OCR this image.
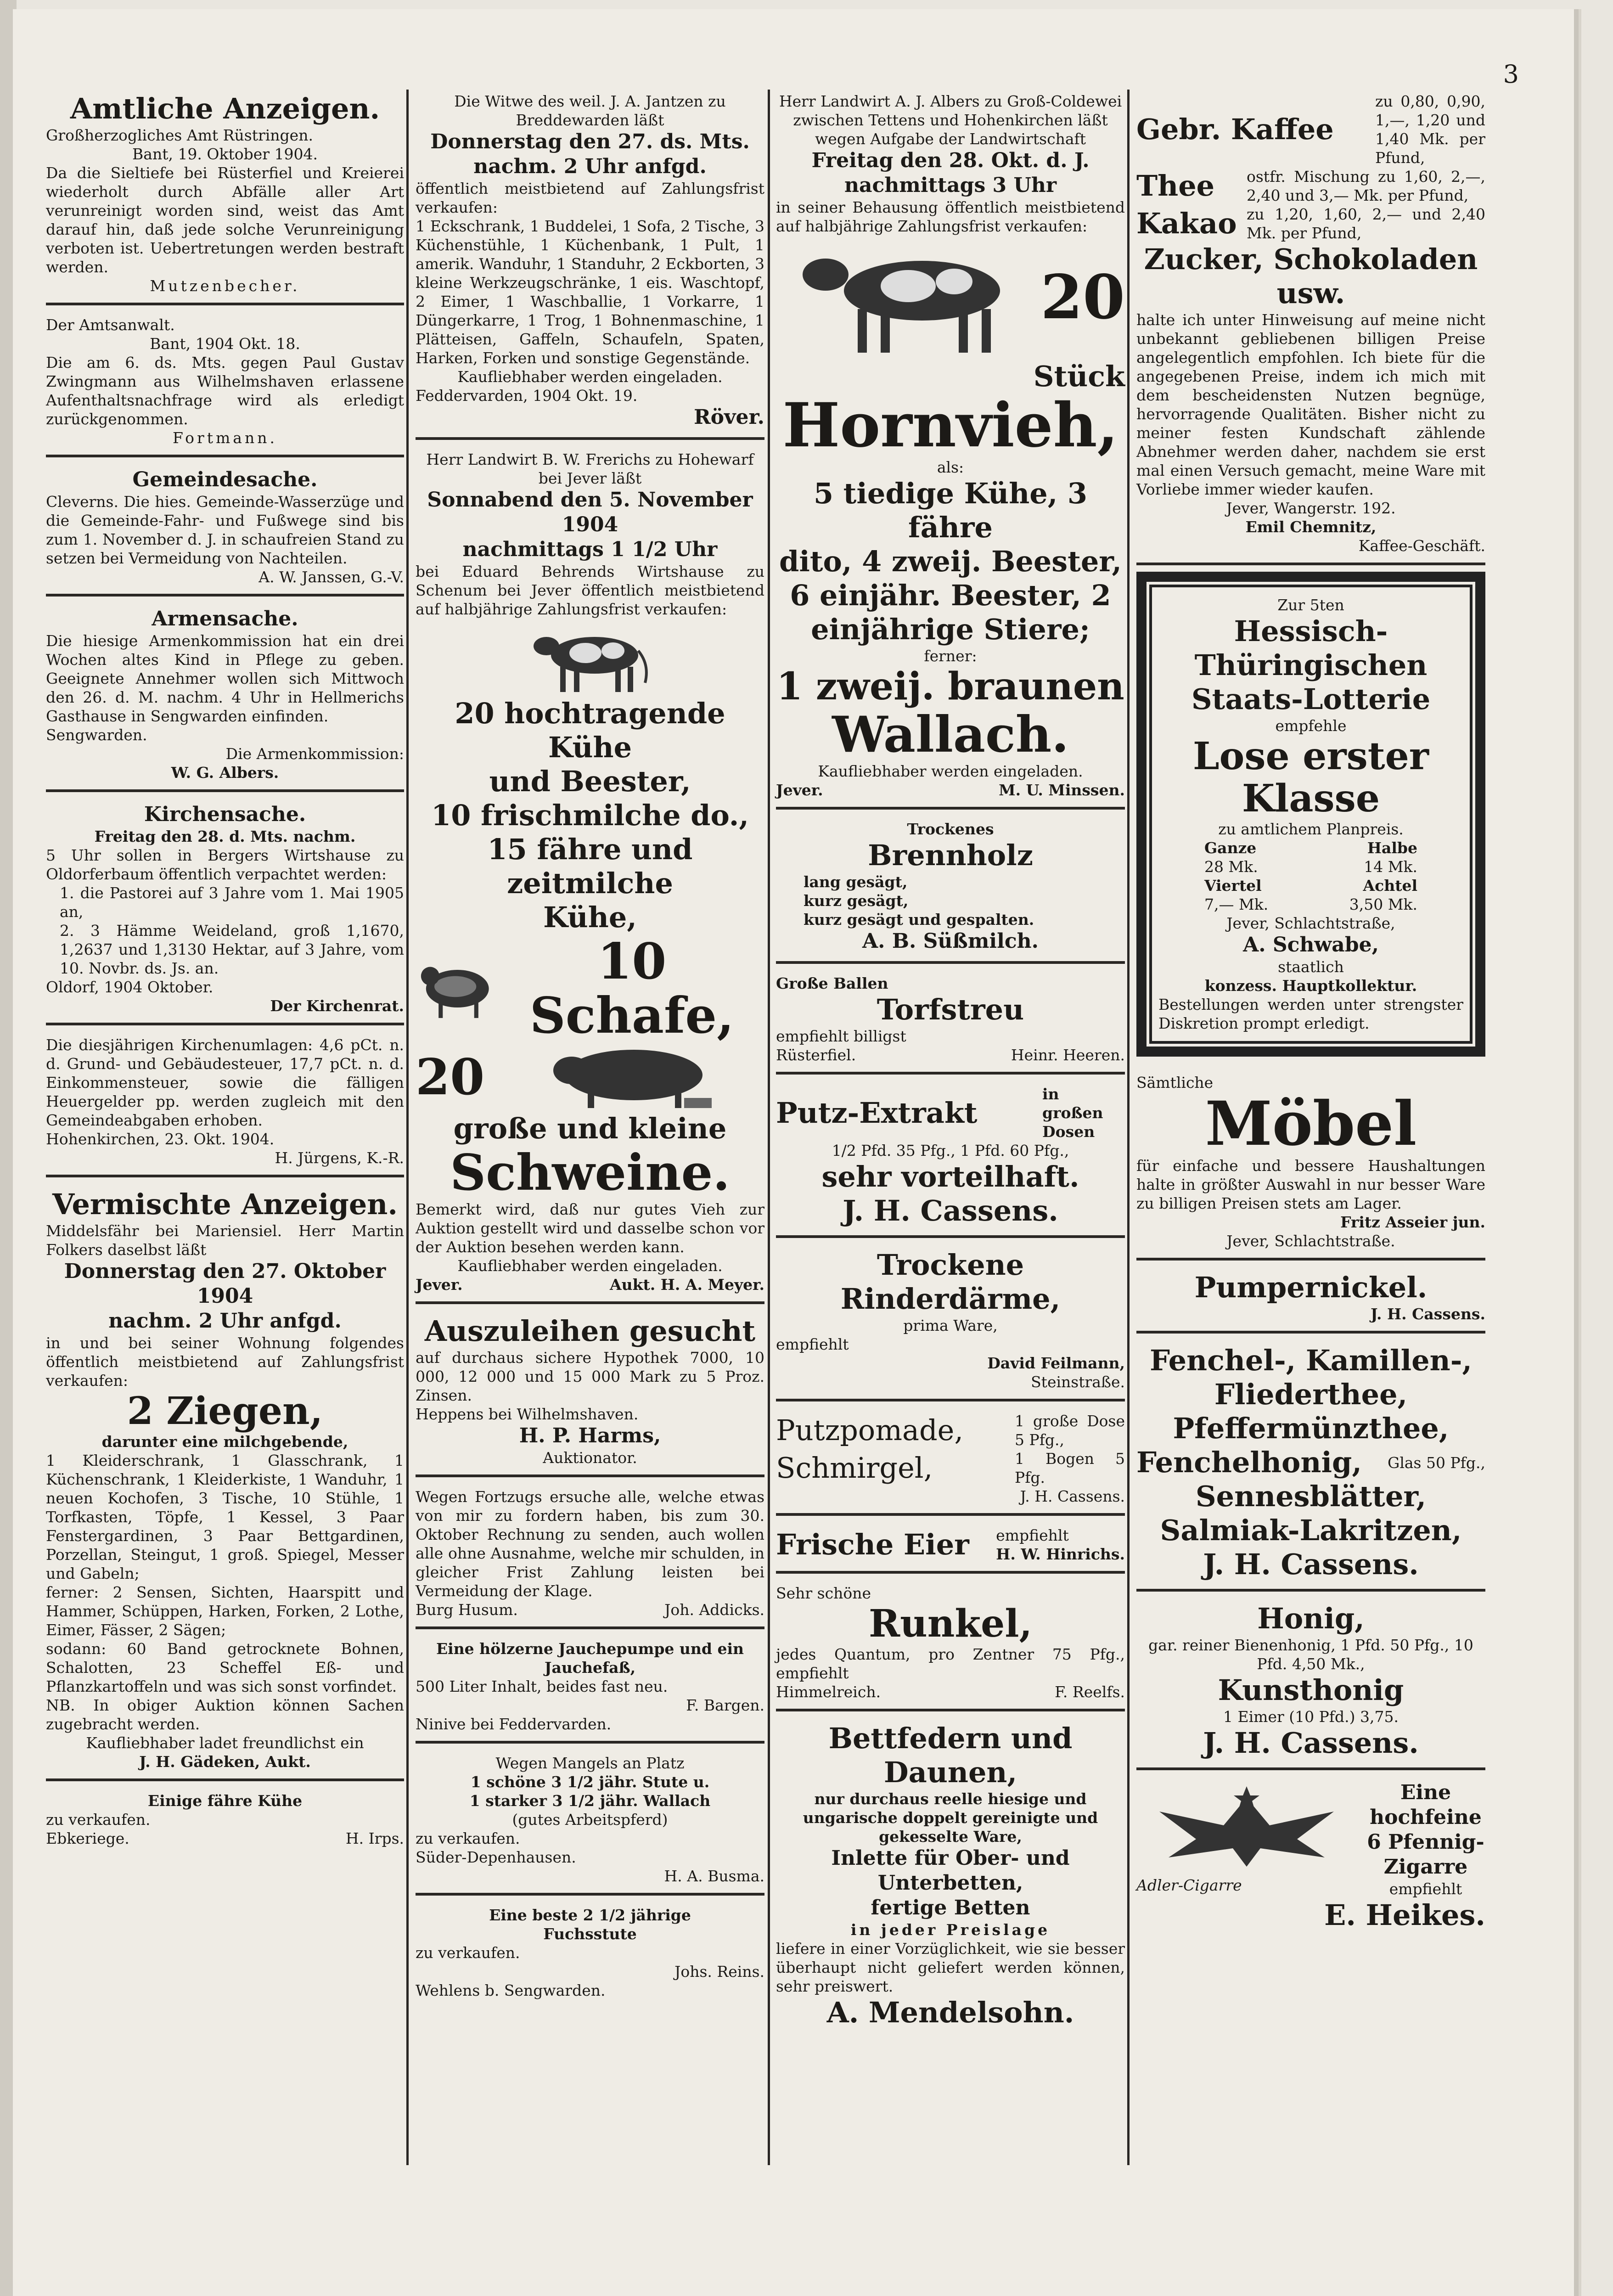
3
Amtliche Anzeigen.
Großherzogliches Amt Rüstringen.
Bant, 19. Oktober 1904.
Da die Sieltiefe bei Rüsterfiel und Kreierei wiederholt durch Abfälle aller Art verunreinigt worden sind, weist das Amt darauf hin, daß jede solche Verunreinigung verboten ist. Uebertretungen werden bestraft werden.
Mutzenbecher.
Der Amtsanwalt.
Bant, 1904 Okt. 18.
Die am 6. ds. Mts. gegen Paul Gustav Zwingmann aus Wilhelmshaven erlassene Aufenthaltsnachfrage wird als erledigt zurückgenommen.
Fortmann.
Gemeindesache.
Cleverns. Die hies. Gemeinde-Wasserzüge und die Gemeinde-Fahr- und Fußwege sind bis zum 1. November d. J. in schaufreien Stand zu setzen bei Vermeidung von Nachteilen.
A. W. Janssen, G.-V.
Armensache.
Die hiesige Armenkommission hat ein drei Wochen altes Kind in Pflege zu geben. Geeignete Annehmer wollen sich Mittwoch den 26. d. M. nachm. 4 Uhr in Hellmerichs Gasthause in Sengwarden einfinden.
Sengwarden.
Die Armenkommission:
W. G. Albers.
Kirchensache.
Freitag den 28. d. Mts. nachm.
5 Uhr sollen in Bergers Wirtshause zu Oldorferbaum öffentlich verpachtet werden:
1. die Pastorei auf 3 Jahre vom 1. Mai 1905 an,
2. 3 Hämme Weideland, groß 1,1670, 1,2637 und 1,3130 Hektar, auf 3 Jahre, vom 10. Novbr. ds. Js. an.
Oldorf, 1904 Oktober.
Der Kirchenrat.
Die diesjährigen Kirchenumlagen: 4,6 pCt. n. d. Grund- und Gebäudesteuer, 17,7 pCt. n. d. Einkommensteuer, sowie die fälligen Heuergelder pp. werden zugleich mit den Gemeindeabgaben erhoben.
Hohenkirchen, 23. Okt. 1904.
H. Jürgens, K.-R.
Vermischte Anzeigen.
Middelsfähr bei Mariensiel. Herr Martin Folkers daselbst läßt
Donnerstag den 27. Oktober 1904
nachm. 2 Uhr anfgd.
in und bei seiner Wohnung folgendes öffentlich meistbietend auf Zahlungsfrist verkaufen:
2 Ziegen,
darunter eine milchgebende,
1 Kleiderschrank, 1 Glasschrank, 1 Küchenschrank, 1 Kleiderkiste, 1 Wanduhr, 1 neuen Kochofen, 3 Tische, 10 Stühle, 1 Torfkasten, Töpfe, 1 Kessel, 3 Paar Fenstergardinen, 3 Paar Bettgardinen, Porzellan, Steingut, 1 groß. Spiegel, Messer und Gabeln;
ferner: 2 Sensen, Sichten, Haarspitt und Hammer, Schüppen, Harken, Forken, 2 Lothe, Eimer, Fässer, 2 Sägen;
sodann: 60 Band getrocknete Bohnen, Schalotten, 23 Scheffel Eß- und Pflanzkartoffeln und was sich sonst vorfindet.
NB. In obiger Auktion können Sachen zugebracht werden.
Kaufliebhaber ladet freundlichst ein
J. H. Gädeken, Aukt.
Einige fähre Kühe
zu verkaufen.
Ebkeriege.	H. Irps.
Die Witwe des weil. J. A. Jantzen zu Breddewarden läßt
Donnerstag den 27. ds. Mts.
nachm. 2 Uhr anfgd.
öffentlich meistbietend auf Zahlungsfrist verkaufen:
1 Eckschrank, 1 Buddelei, 1 Sofa, 2 Tische, 3 Küchenstühle, 1 Küchenbank, 1 Pult, 1 amerik. Wanduhr, 1 Standuhr, 2 Eckborten, 3 kleine Werkzeugschränke, 1 eis. Waschtopf, 2 Eimer, 1 Waschballie, 1 Vorkarre, 1 Düngerkarre, 1 Trog, 1 Bohnenmaschine, 1 Plätteisen, Gaffeln, Schaufeln, Spaten, Harken, Forken und sonstige Gegenstände.
Kaufliebhaber werden eingeladen.
Feddervarden, 1904 Okt. 19.
Röver.
Herr Landwirt B. W. Frerichs zu Hohewarf bei Jever läßt
Sonnabend den 5. November 1904
nachmittags 1 1/2 Uhr
bei Eduard Behrends Wirtshause zu Schenum bei Jever öffentlich meistbietend auf halbjährige Zahlungsfrist verkaufen:
20 hochtragende Kühe
und Beester,
10 frischmilche do.,
15 fähre und zeitmilche
Kühe,
10 Schafe,
20
große und kleine
Schweine.
Bemerkt wird, daß nur gutes Vieh zur Auktion gestellt wird und dasselbe schon vor der Auktion besehen werden kann.
Kaufliebhaber werden eingeladen.
Jever.	Aukt. H. A. Meyer.
Auszuleihen gesucht
auf durchaus sichere Hypothek 7000, 10 000, 12 000 und 15 000 Mark zu 5 Proz. Zinsen.
Heppens bei Wilhelmshaven.
H. P. Harms,
Auktionator.
Wegen Fortzugs ersuche alle, welche etwas von mir zu fordern haben, bis zum 30. Oktober Rechnung zu senden, auch wollen alle ohne Ausnahme, welche mir schulden, in gleicher Frist Zahlung leisten bei Vermeidung der Klage.
Burg Husum.	Joh. Addicks.
Eine hölzerne Jauchepumpe und ein Jauchefaß,
500 Liter Inhalt, beides fast neu.
F. Bargen.
Ninive bei Feddervarden.
Wegen Mangels an Platz
1 schöne 3 1/2 jähr. Stute u.
1 starker 3 1/2 jähr. Wallach
(gutes Arbeitspferd)
zu verkaufen.
Süder-Depenhausen.
H. A. Busma.
Eine beste 2 1/2 jährige
Fuchsstute
zu verkaufen.
Johs. Reins.
Wehlens b. Sengwarden.
Herr Landwirt A. J. Albers zu Groß-Coldewei zwischen Tettens und Hohenkirchen läßt wegen Aufgabe der Landwirtschaft
Freitag den 28. Okt. d. J.
nachmittags 3 Uhr
in seiner Behausung öffentlich meistbietend auf halbjährige Zahlungsfrist verkaufen:
20
Stück
Hornvieh,
als:
5 tiedige Kühe, 3 fähre
dito, 4 zweij. Beester,
6 einjähr. Beester, 2
einjährige Stiere;
ferner:
1 zweij. braunen
Wallach.
Kaufliebhaber werden eingeladen.
Jever.	M. U. Minssen.
Trockenes
Brennholz
lang gesägt,
kurz gesägt,
kurz gesägt und gespalten.
A. B. Süßmilch.
Große Ballen
Torfstreu
empfiehlt billigst
Rüsterfiel.	Heinr. Heeren.
Putz-Extrakt
in großen Dosen
1/2 Pfd. 35 Pfg., 1 Pfd. 60 Pfg.,
sehr vorteilhaft.
J. H. Cassens.
Trockene Rinderdärme,
prima Ware,
empfiehlt
David Feilmann,
Steinstraße.
Putzpomade,	1 große Dose 5 Pfg.,
Schmirgel,	1 Bogen 5 Pfg.
J. H. Cassens.
Frische Eier empfiehlt
H. W. Hinrichs.
Sehr schöne
Runkel,
jedes Quantum, pro Zentner 75 Pfg., empfiehlt
Himmelreich.	F. Reelfs.
Bettfedern und Daunen,
nur durchaus reelle hiesige und ungarische doppelt gereinigte und gekesselte Ware,
Inlette für Ober- und Unterbetten,
fertige Betten
in jeder Preislage
liefere in einer Vorzüglichkeit, wie sie besser überhaupt nicht geliefert werden können, sehr preiswert.
A. Mendelsohn.
Gebr. Kaffee
zu 0,80, 0,90, 1,—, 1,20 und 1,40 Mk. per Pfund,
Thee ostfr. Mischung zu 1,60, 2,—, 2,40 und 3,— Mk. per Pfund,
Kakao zu 1,20, 1,60, 2,— und 2,40 Mk. per Pfund,
Zucker, Schokoladen usw.
halte ich unter Hinweisung auf meine nicht unbekannt gebliebenen billigen Preise angelegentlich empfohlen. Ich biete für die angegebenen Preise, indem ich mich mit dem bescheidensten Nutzen begnüge, hervorragende Qualitäten. Bisher nicht zu meiner festen Kundschaft zählende Abnehmer werden daher, nachdem sie erst mal einen Versuch gemacht, meine Ware mit Vorliebe immer wieder kaufen.
Jever, Wangerstr. 192.
Emil Chemnitz,
Kaffee-Geschäft.
Zur 5ten
Hessisch-Thüringischen
Staats-Lotterie
empfehle
Lose erster Klasse
zu amtlichem Planpreis.
Ganze	Halbe
28 Mk.	14 Mk.
Viertel	Achtel
7,— Mk.	3,50 Mk.
Jever, Schlachtstraße,
A. Schwabe,
staatlich
konzess. Hauptkollektur.
Bestellungen werden unter strengster Diskretion prompt erledigt.
Sämtliche
Möbel
für einfache und bessere Haushaltungen halte in größter Auswahl in nur besser Ware zu billigen Preisen stets am Lager.
Fritz Asseier jun.
Jever, Schlachtstraße.
Pumpernickel.
J. H. Cassens.
Fenchel-, Kamillen-,
Fliederthee,
Pfeffermünzthee,
Fenchelhonig, Glas 50 Pfg.,
Sennesblätter,
Salmiak-Lakritzen,
J. H. Cassens.
Honig,
gar. reiner Bienenhonig, 1 Pfd. 50 Pfg., 10 Pfd. 4,50 Mk.,
Kunsthonig
1 Eimer (10 Pfd.) 3,75.
J. H. Cassens.
Adler-Cigarre
Eine
hochfeine
6 Pfennig-
Zigarre
empfiehlt
E. Heikes.
